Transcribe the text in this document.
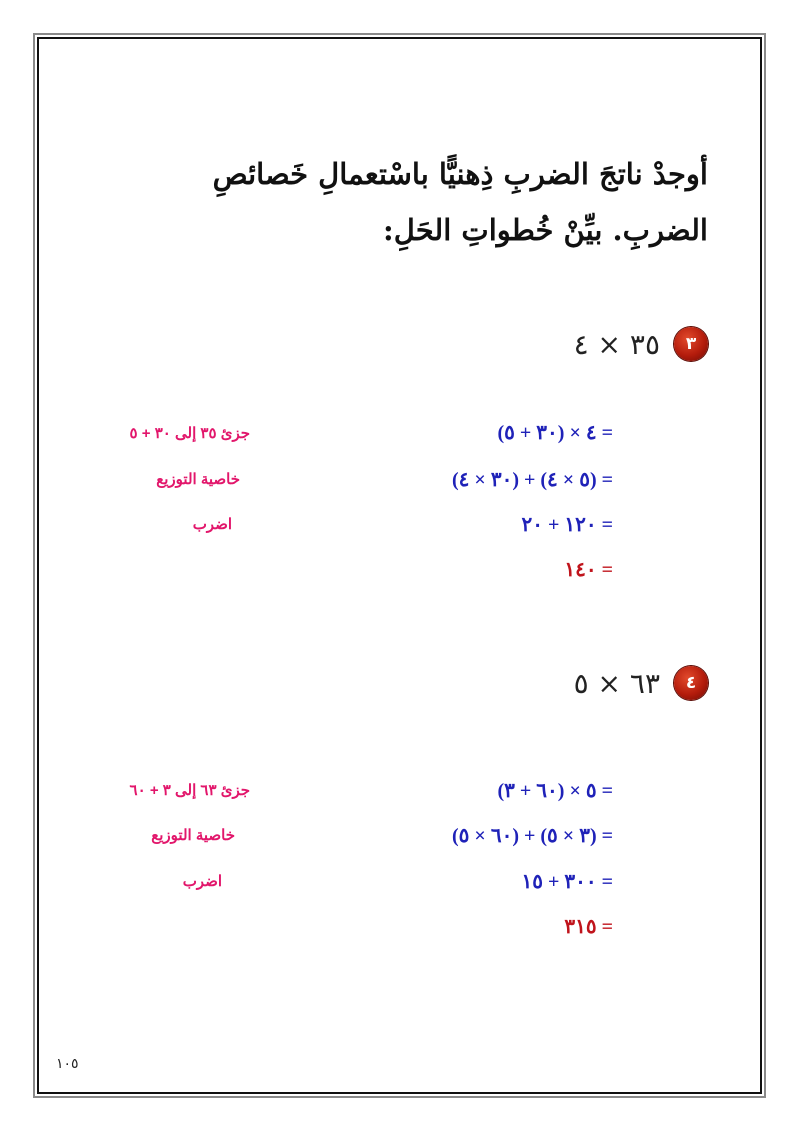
أوجدْ ناتجَ الضربِ ذِهنيًّا باسْتعمالِ خَصائصِ
الضربِ. بيِّنْ خُطواتِ الحَلِ:
٣
٣٥ × ٤
(٣٠ + ٥) × ٤ =
(٣٠ × ٤) + (٥ × ٤) =
١٢٠ + ٢٠ =
١٤٠ =
جزئ ٣٥ إلى ٣٠ + ٥
خاصية التوزيع
اضرب
٤
٦٣ × ٥
(٦٠ + ٣) × ٥ =
(٦٠ × ٥) + (٣ × ٥) =
٣٠٠ + ١٥ =
٣١٥ =
جزئ ٦٣ إلى ٣ + ٦٠
خاصية التوزيع
اضرب
١٠٥
